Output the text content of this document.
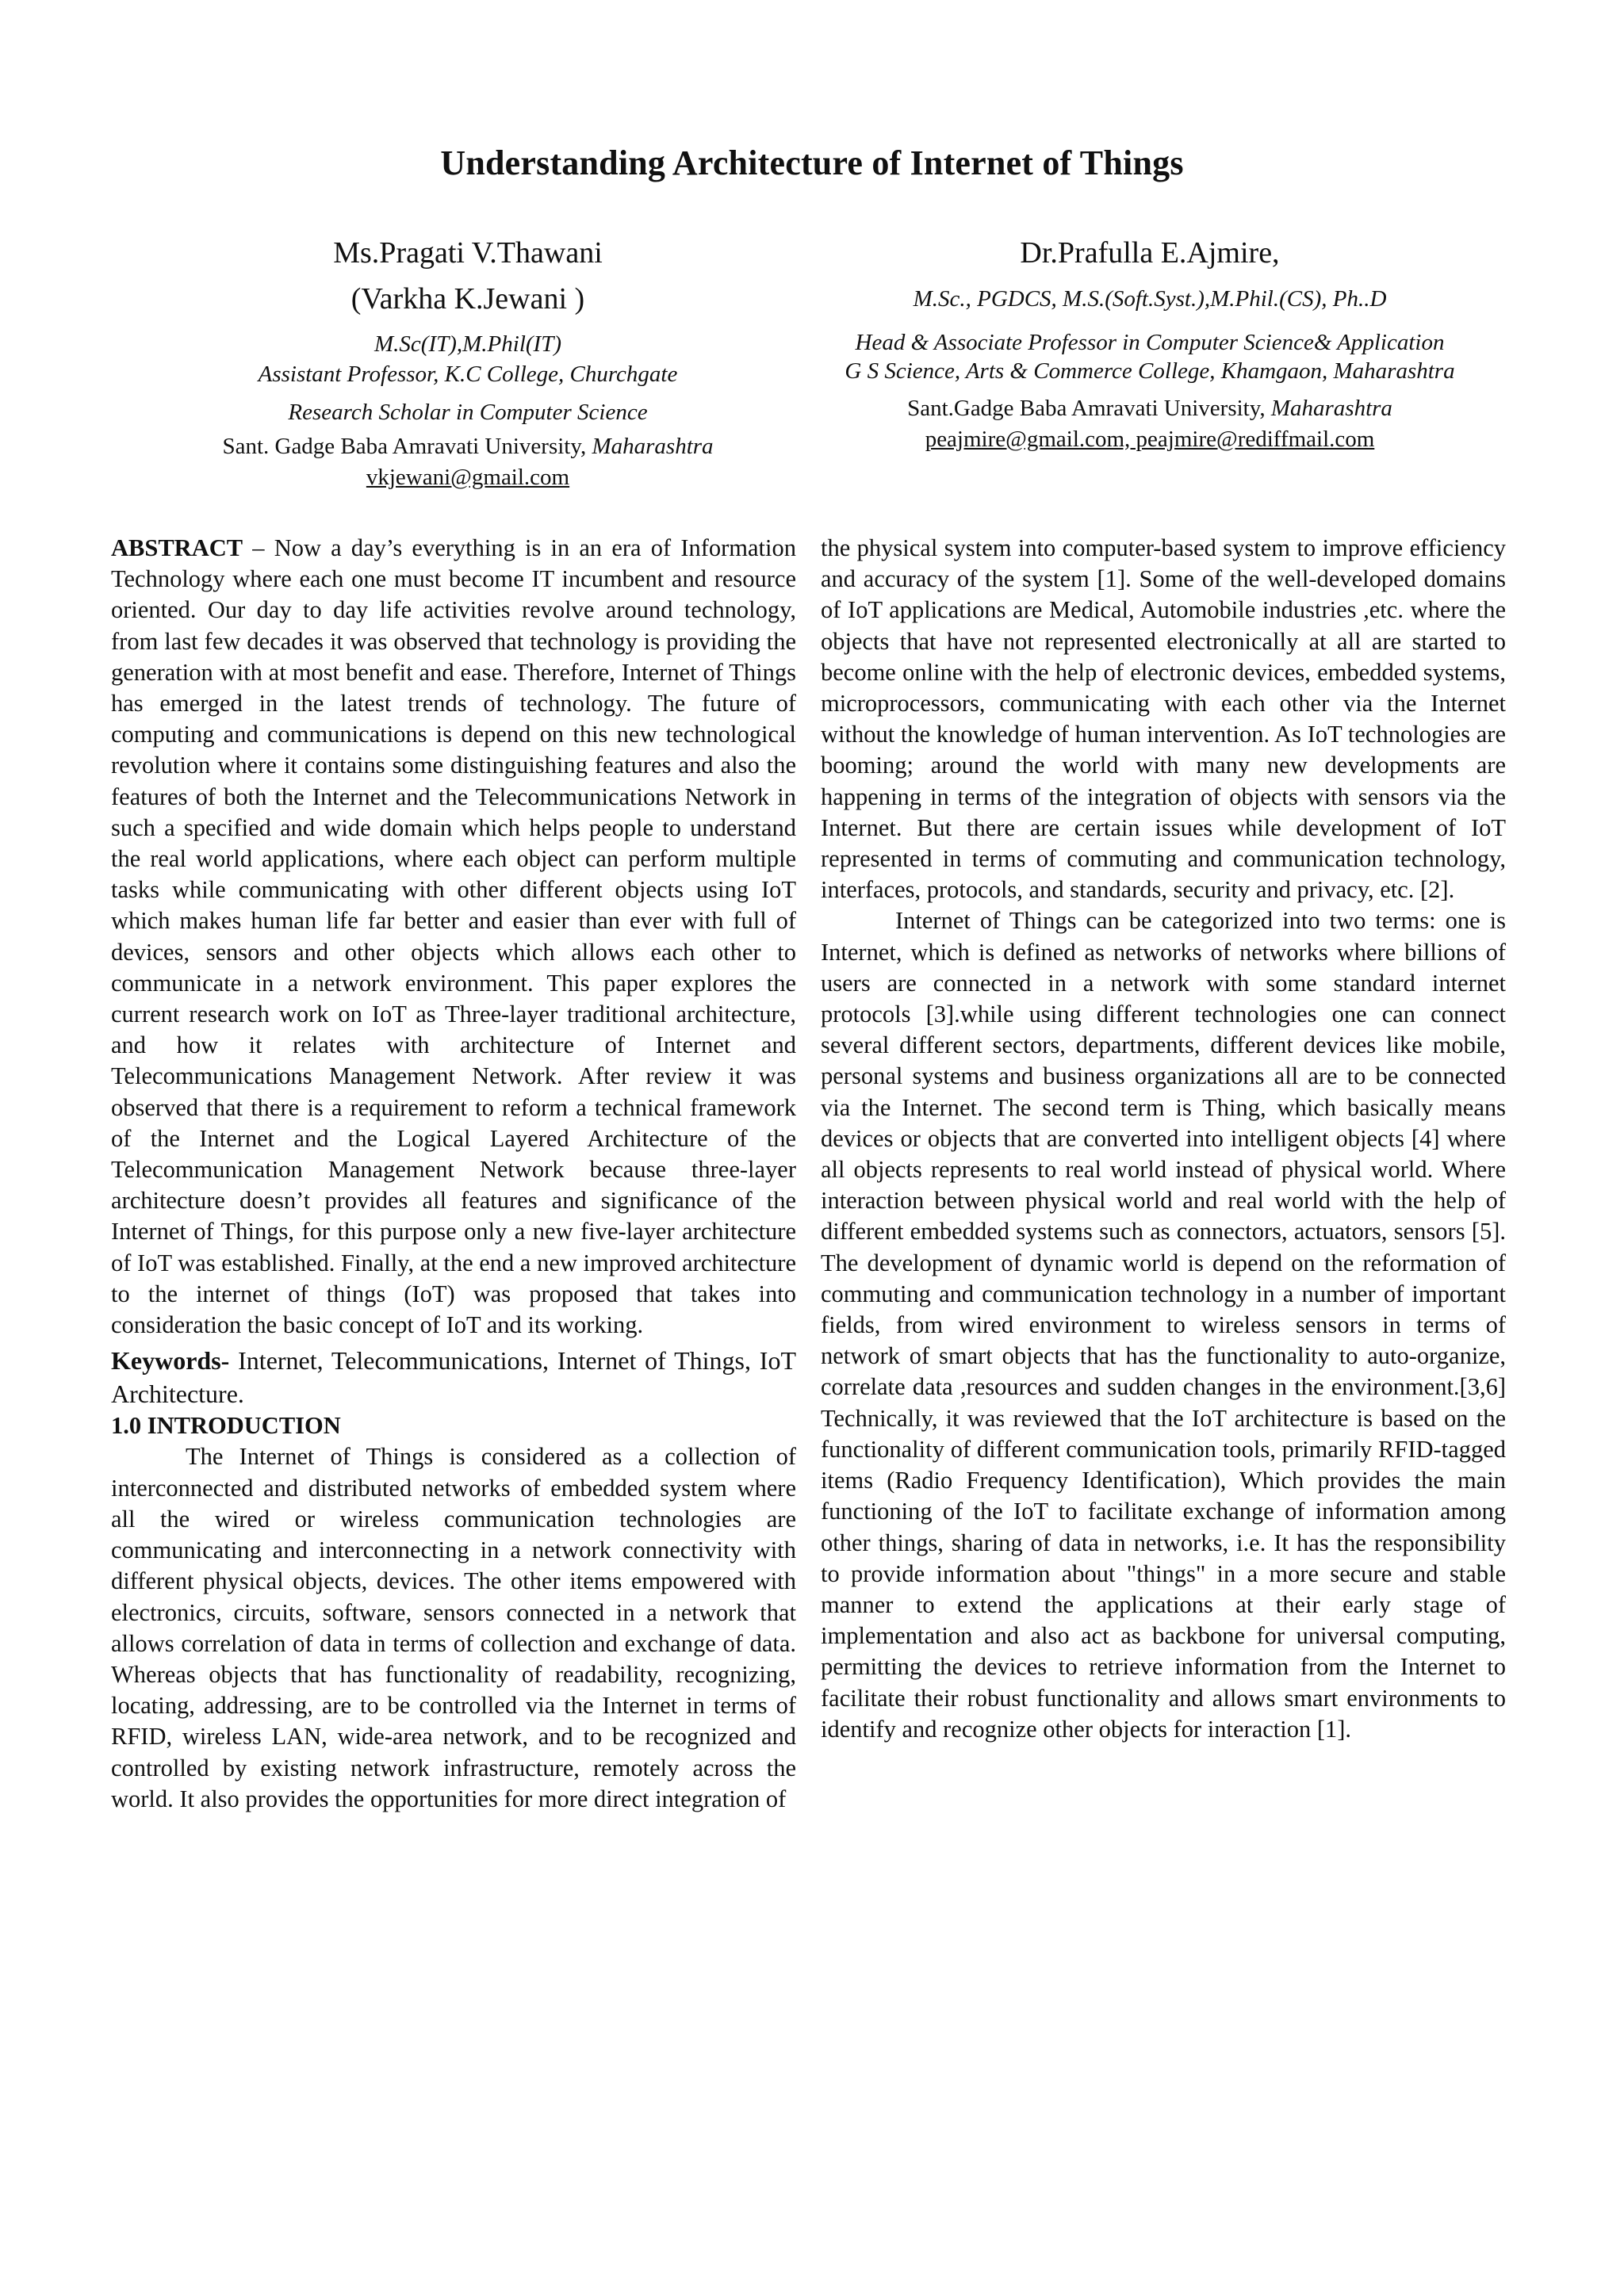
Understanding Architecture of Internet of Things
Ms.Pragati V.Thawani
(Varkha K.Jewani )
M.Sc(IT),M.Phil(IT)
Assistant Professor, K.C College, Churchgate
Research Scholar in Computer Science
Sant. Gadge Baba Amravati University, Maharashtra
vkjewani@gmail.com
Dr.Prafulla E.Ajmire,
M.Sc., PGDCS, M.S.(Soft.Syst.),M.Phil.(CS), Ph..D
Head & Associate Professor in Computer Science& Application
G S Science, Arts & Commerce College, Khamgaon, Maharashtra
Sant.Gadge Baba Amravati University, Maharashtra
peajmire@gmail.com, peajmire@rediffmail.com

ABSTRACT – Now a day’s everything is in an era of Information Technology where each one must become IT incumbent and resource oriented. Our day to day life activities revolve around technology, from last few decades it was observed that technology is providing the generation with at most benefit and ease. Therefore, Internet of Things has emerged in the latest trends of technology. The future of computing and communications is depend on this new technological revolution where it contains some distinguishing features and also the features of both the Internet and the Telecommunications Network in such a specified and wide domain which helps people to understand the real world applications, where each object can perform multiple tasks while communicating with other different objects using IoT which makes human life far better and easier than ever with full of devices, sensors and other objects which allows each other to communicate in a network environment. This paper explores the current research work on IoT as Three-layer traditional architecture, and how it relates with architecture of Internet and Telecommunications Management Network. After review it was observed that there is a requirement to reform a technical framework of the Internet and the Logical Layered Architecture of the Telecommunication Management Network because three-layer architecture doesn’t provides all features and significance of the Internet of Things, for this purpose only a new five-layer architecture of IoT was established. Finally, at the end a new improved architecture to the internet of things (IoT) was proposed that takes into consideration the basic concept of IoT and its working.

Keywords- Internet, Telecommunications, Internet of Things, IoT Architecture.

1.0 INTRODUCTION

The Internet of Things is considered as a collection of interconnected and distributed networks of embedded system where all the wired or wireless communication technologies are communicating and interconnecting in a network connectivity with different physical objects, devices. The other items empowered with electronics, circuits, software, sensors connected in a network that allows correlation of data in terms of collection and exchange of data. Whereas objects that has functionality of readability, recognizing, locating, addressing, are to be controlled via the Internet in terms of RFID, wireless LAN, wide-area network, and to be recognized and controlled by existing network infrastructure, remotely across the world. It also provides the opportunities for more direct integration of

the physical system into computer-based system to improve efficiency and accuracy of the system [1]. Some of the well-developed domains of IoT applications are Medical, Automobile industries ,etc. where the objects that have not represented electronically at all are started to become online with the help of electronic devices, embedded systems, microprocessors, communicating with each other via the Internet without the knowledge of human intervention. As IoT technologies are booming; around the world with many new developments are happening in terms of the integration of objects with sensors via the Internet. But there are certain issues while development of IoT represented in terms of commuting and communication technology, interfaces, protocols, and standards, security and privacy, etc. [2].

Internet of Things can be categorized into two terms: one is Internet, which is defined as networks of networks where billions of users are connected in a network with some standard internet protocols [3].while using different technologies one can connect several different sectors, departments, different devices like mobile, personal systems and business organizations all are to be connected via the Internet. The second term is Thing, which basically means devices or objects that are converted into intelligent objects [4] where all objects represents to real world instead of physical world. Where interaction between physical world and real world with the help of different embedded systems such as connectors, actuators, sensors [5]. The development of dynamic world is depend on the reformation of commuting and communication technology in a number of important fields, from wired environment to wireless sensors in terms of network of smart objects that has the functionality to auto-organize, correlate data ,resources and sudden changes in the environment.[3,6] Technically, it was reviewed that the IoT architecture is based on the functionality of different communication tools, primarily RFID-tagged items (Radio Frequency Identification), Which provides the main functioning of the IoT to facilitate exchange of information among other things, sharing of data in networks, i.e. It has the responsibility to provide information about "things" in a more secure and stable manner to extend the applications at their early stage of implementation and also act as backbone for universal computing, permitting the devices to retrieve information from the Internet to facilitate their robust functionality and allows smart environments to identify and recognize other objects for interaction [1].
